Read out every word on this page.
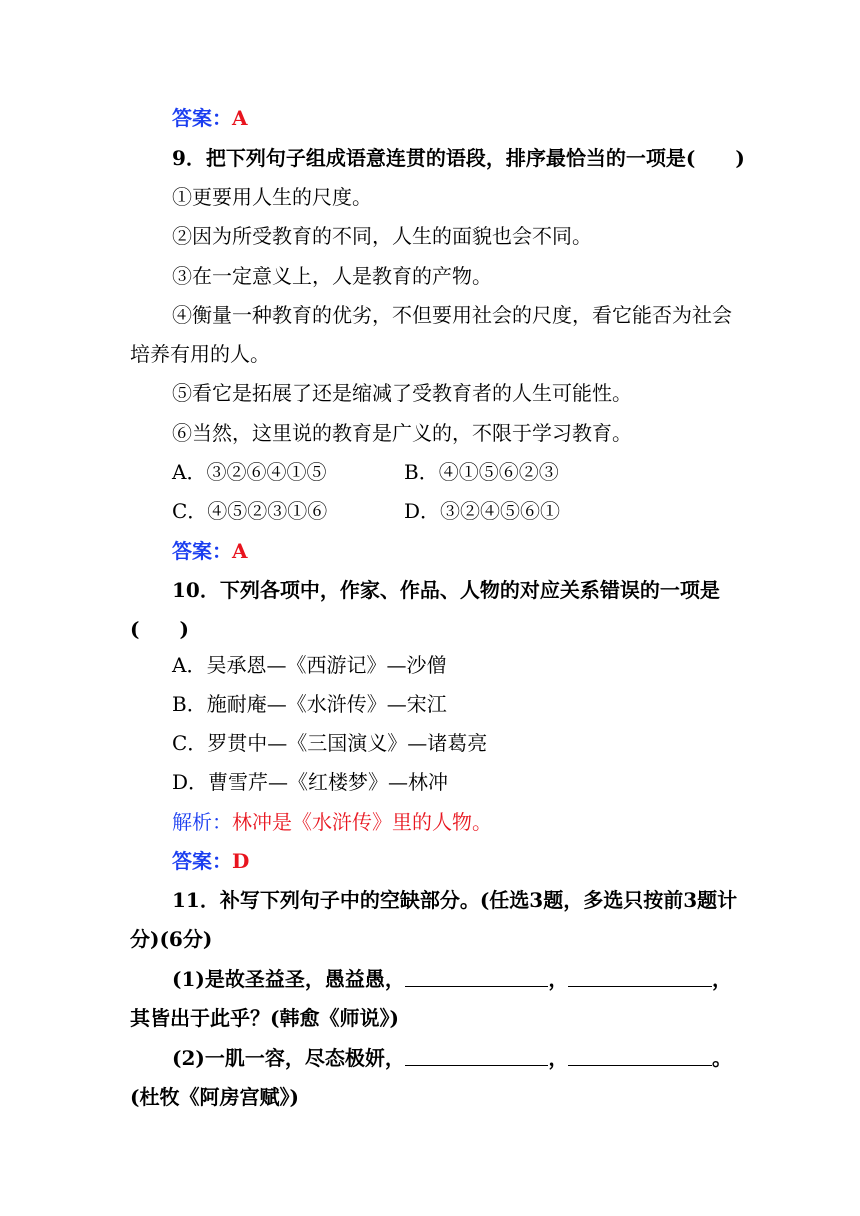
答案：A
9．把下列句子组成语意连贯的语段，排序最恰当的一项是(　　)
①更要用人生的尺度。
②因为所受教育的不同，人生的面貌也会不同。
③在一定意义上，人是教育的产物。
④衡量一种教育的优劣，不但要用社会的尺度，看它能否为社会
培养有用的人。
⑤看它是拓展了还是缩减了受教育者的人生可能性。
⑥当然，这里说的教育是广义的，不限于学习教育。
A．③②⑥④①⑤	B．④①⑤⑥②③
C．④⑤②③①⑥	D．③②④⑤⑥①
答案：A
10．下列各项中，作家、作品、人物的对应关系错误的一项是
(　　)
A．吴承恩—《西游记》—沙僧
B．施耐庵—《水浒传》—宋江
C．罗贯中—《三国演义》—诸葛亮
D．曹雪芹—《红楼梦》—林冲
解析：林冲是《水浒传》里的人物。
答案：D
11．补写下列句子中的空缺部分。(任选3题，多选只按前3题计
分)(6分)
(1)是故圣益圣，愚益愚，	，	，
其皆出于此乎？(韩愈《师说》)
(2)一肌一容，尽态极妍，	，	。
(杜牧《阿房宫赋》)
